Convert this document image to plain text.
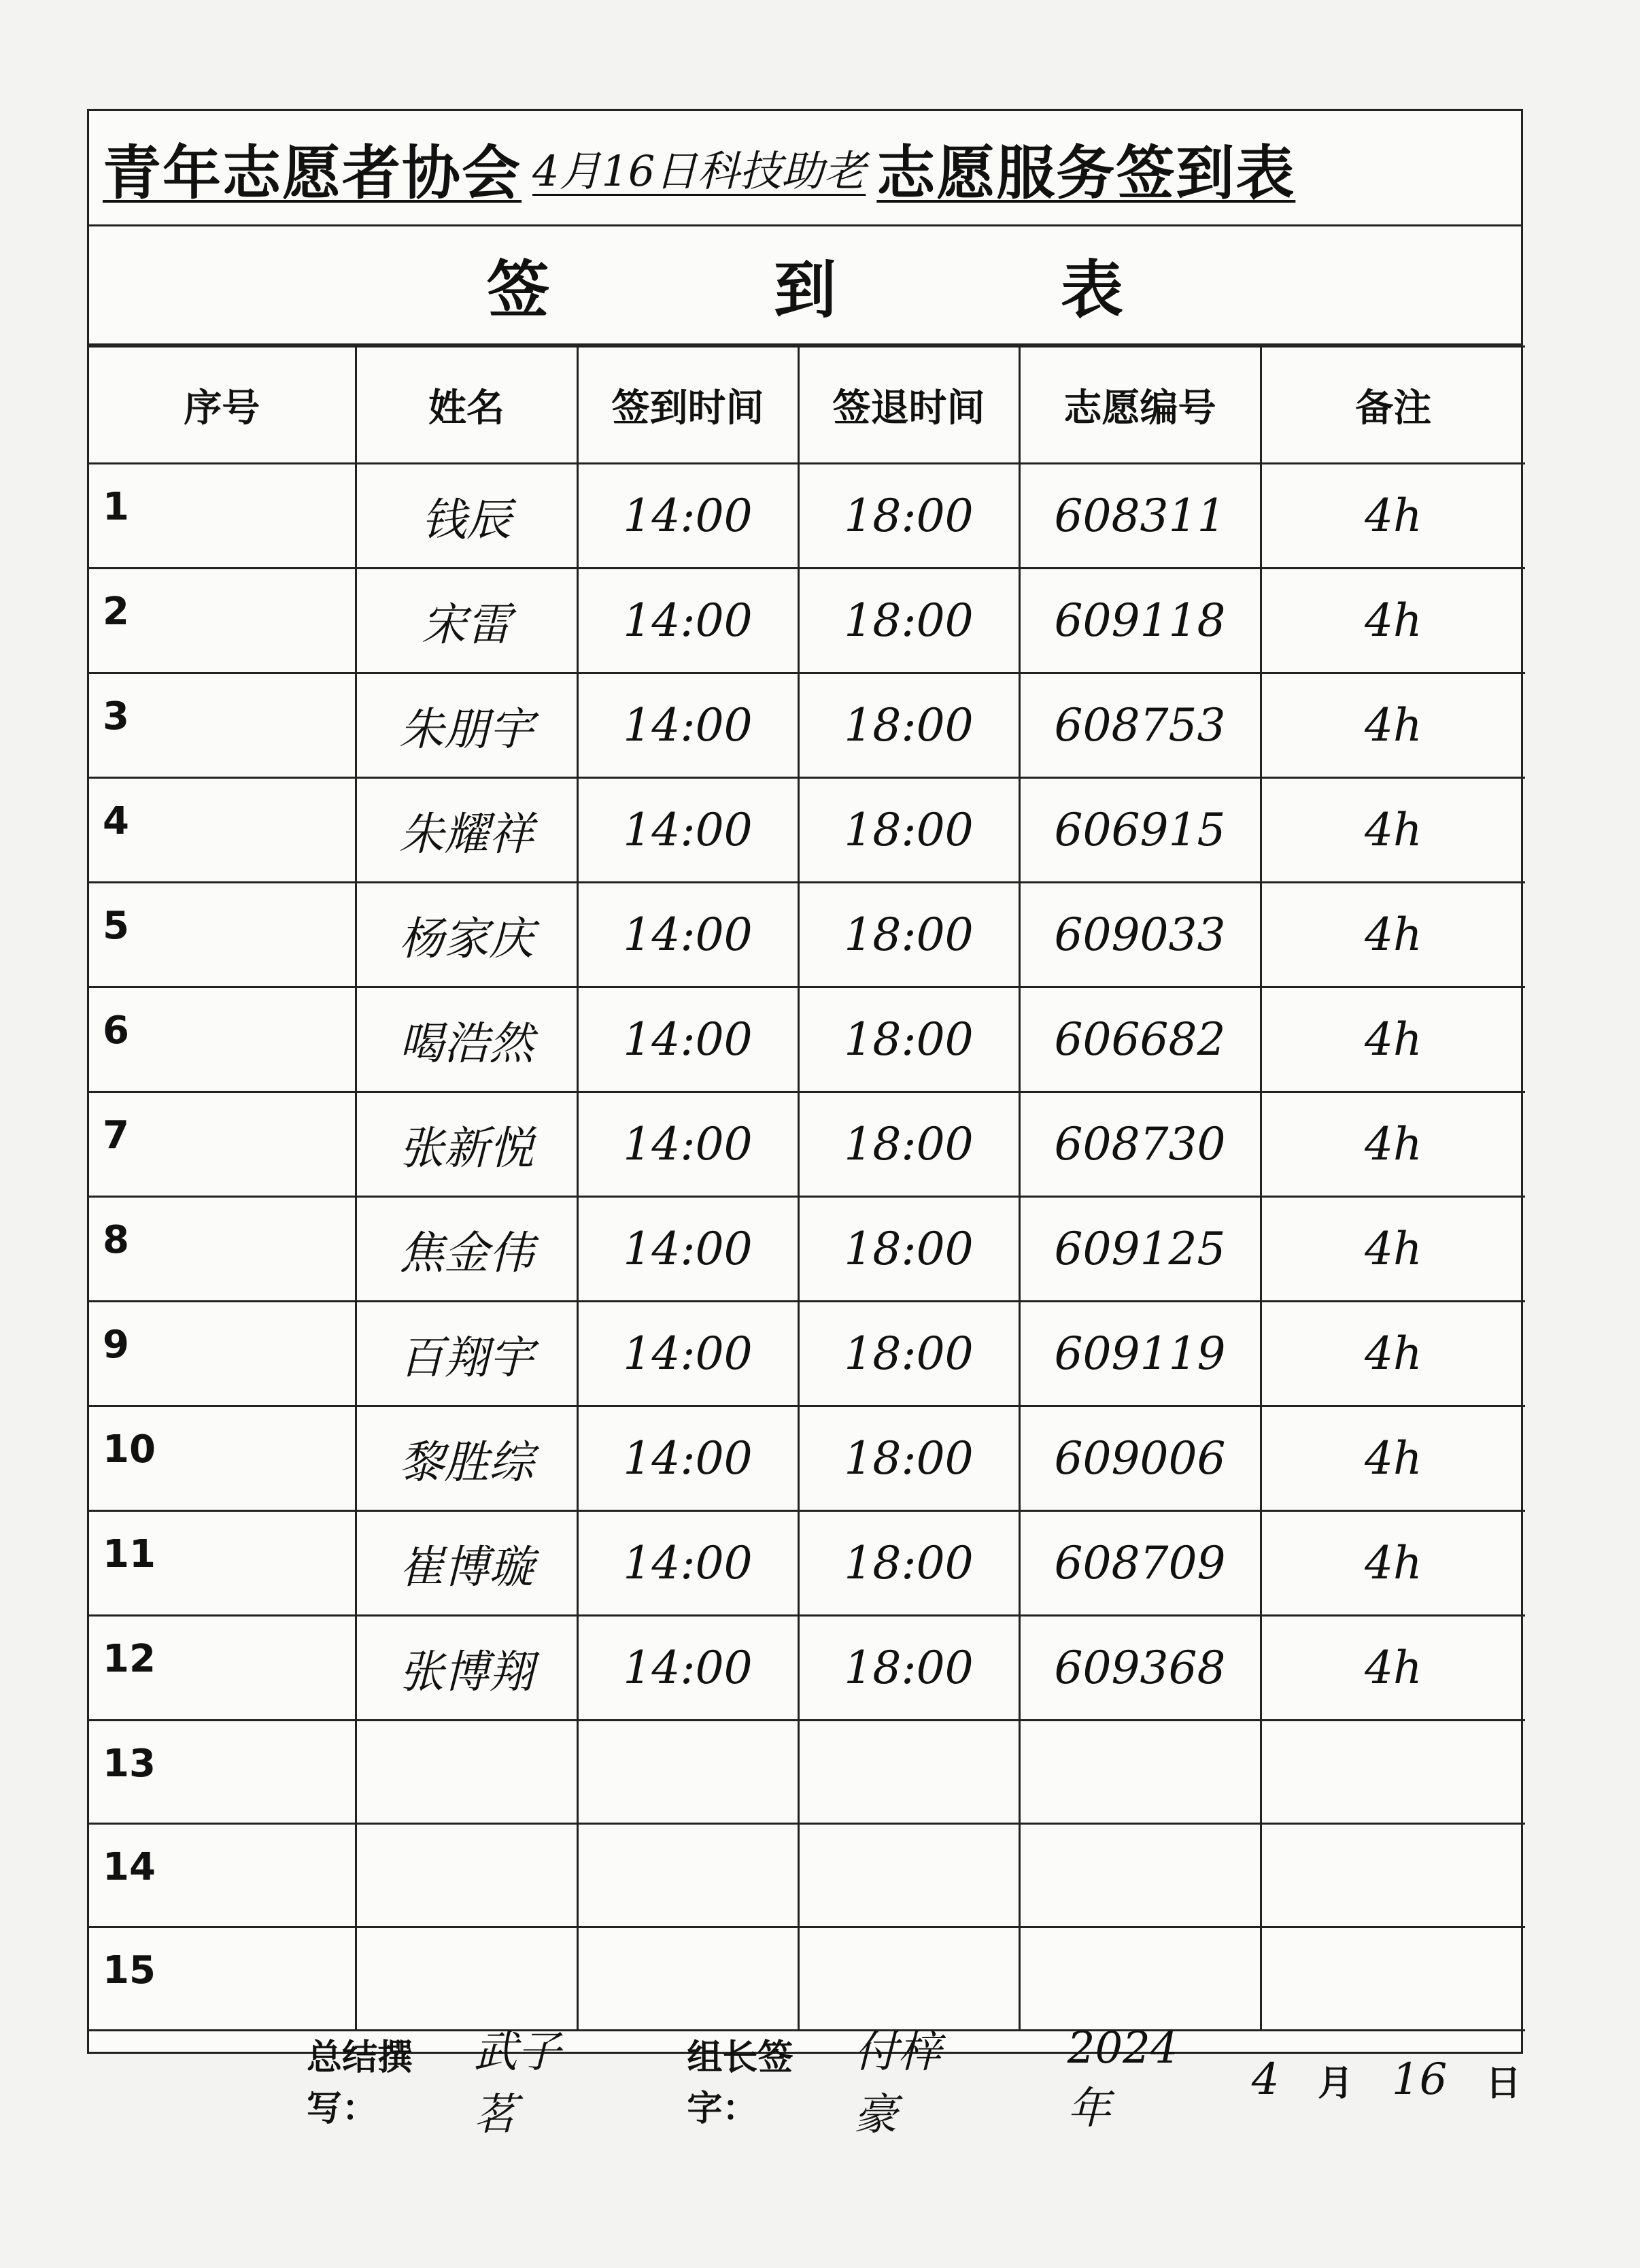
青年志愿者协会 4月16日科技助老 志愿服务签到表
签到表
序号	姓名	签到时间	签退时间	志愿编号	备注
1	钱辰	14:00	18:00	608311	4h
2	宋雷	14:00	18:00	609118	4h
3	朱朋宇	14:00	18:00	608753	4h
4	朱耀祥	14:00	18:00	606915	4h
5	杨家庆	14:00	18:00	609033	4h
6	喝浩然	14:00	18:00	606682	4h
7	张新悦	14:00	18:00	608730	4h
8	焦金伟	14:00	18:00	609125	4h
9	百翔宇	14:00	18:00	609119	4h
10	黎胜综	14:00	18:00	609006	4h
11	崔博璇	14:00	18:00	608709	4h
12	张博翔	14:00	18:00	609368	4h
13					
14					
15					
总结撰写：
武子茗
组长签字：
付梓豪
2024年
4 月 16 日
